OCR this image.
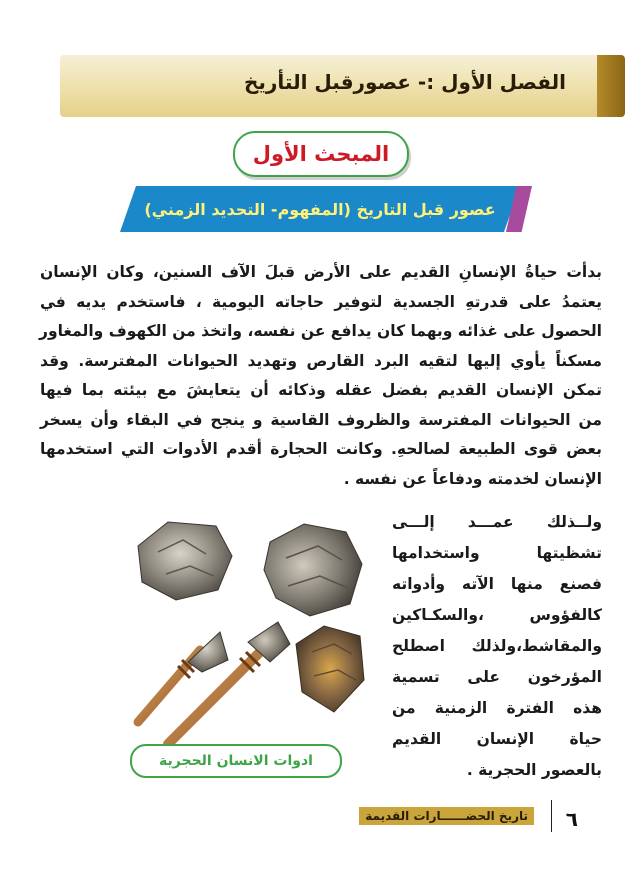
الفصل الأول :- عصورقبل التأريخ
المبحث الأول
عصور قبل التاريخ (المفهوم- التحديد الزمني)
بدأت حياةُ الإنسانِ القديم على الأرض قبلَ الآف السنين، وكان الإنسان
يعتمدُ على قدرتهِ الجسدية لتوفير حاجاته اليومية ، فاستخدم يديه في
الحصول على غذائه وبهما كان يدافع عن نفسه، واتخذ من الكهوف والمغاور
مسكناً يأوي إليها لتقيه البرد القارص وتهديد الحيوانات المفترسة. وقد
تمكن الإنسان القديم بفضل عقله وذكائه أن يتعايشَ مع بيئته بما فيها
من الحيوانات المفترسة والظروف القاسية و ينجح في البقاء وأن يسخر
بعض قوى الطبيعة لصالحهِ. وكانت الحجارة أقدم الأدوات التي استخدمها
الإنسان لخدمته ودفاعاً عن نفسه .
ولــذلك عمـــد إلـــى
تشظيتها واستخدامها
فصنع منها الآته وأدواته
كالفؤوس ،والسكـاكين
والمقاشط،ولذلك اصطلح
المؤرخون على تسمية
هذه الفترة الزمنية من
حياة الإنسان القديم
بالعصور الحجرية .
ادوات الانسان الحجرية
٦
تاريخ الحضــــــارات القديمة
